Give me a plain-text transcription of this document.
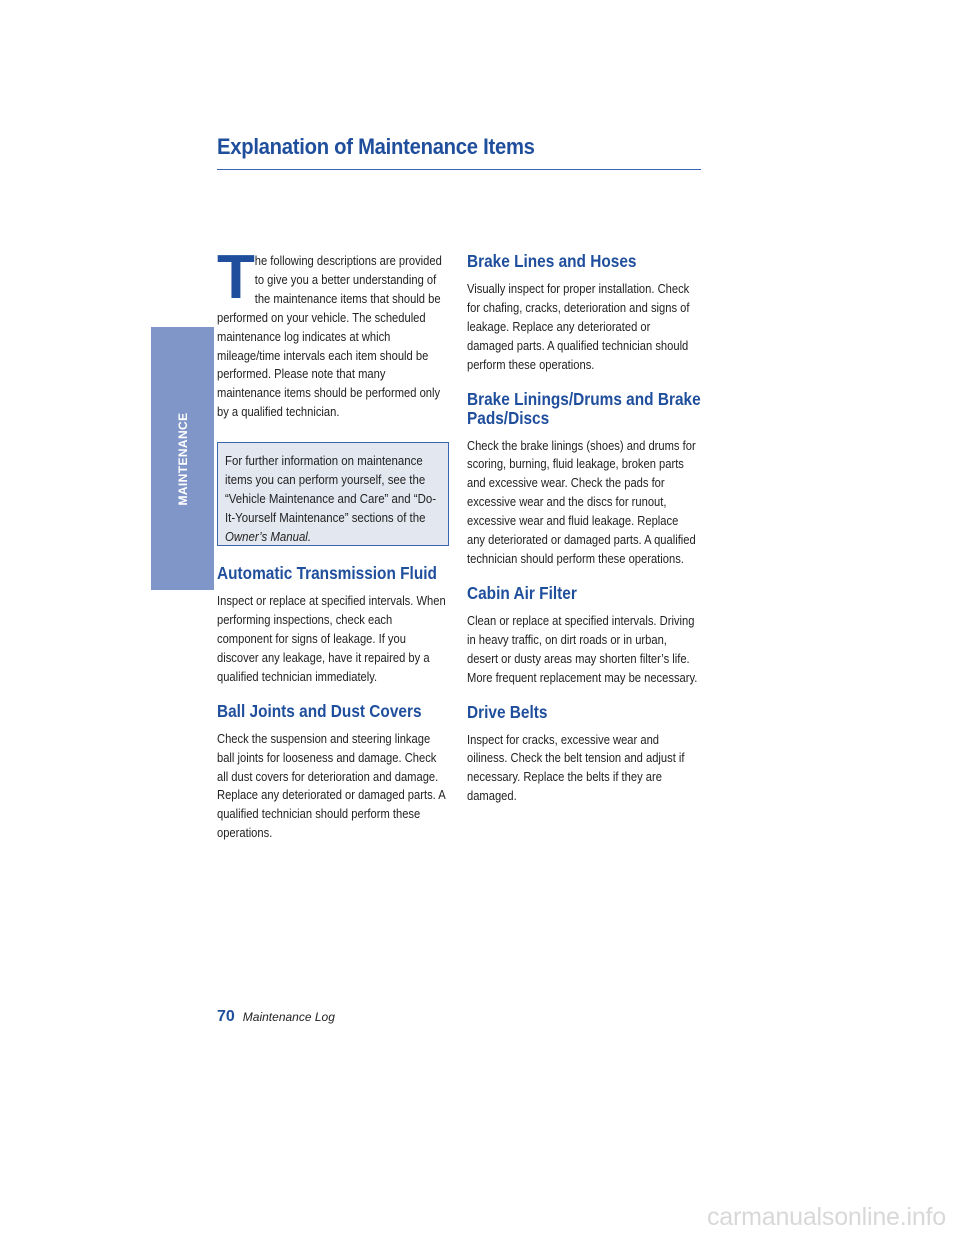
Explanation of Maintenance Items
MAINTENANCE
T he following descriptions are provided to give you a better understanding of the maintenance items that should be performed on your vehicle. The scheduled maintenance log indicates at which mileage/time intervals each item should be performed. Please note that many maintenance items should be performed only by a qualified technician.

For further information on maintenance items you can perform yourself, see the “Vehicle Maintenance and Care” and “Do-It-Yourself Maintenance” sections of the Owner’s Manual.

Automatic Transmission Fluid

Inspect or replace at specified intervals. When performing inspections, check each component for signs of leakage. If you discover any leakage, have it repaired by a qualified technician immediately.

Ball Joints and Dust Covers

Check the suspension and steering linkage ball joints for looseness and damage. Check all dust covers for deterioration and damage. Replace any deteriorated or damaged parts. A qualified technician should perform these operations.

Brake Lines and Hoses

Visually inspect for proper installation. Check for chafing, cracks, deterioration and signs of leakage. Replace any deteriorated or damaged parts. A qualified technician should perform these operations.

Brake Linings/Drums and Brake Pads/Discs

Check the brake linings (shoes) and drums for scoring, burning, fluid leakage, broken parts and excessive wear. Check the pads for excessive wear and the discs for runout, excessive wear and fluid leakage. Replace any deteriorated or damaged parts. A qualified technician should perform these operations.

Cabin Air Filter

Clean or replace at specified intervals. Driving in heavy traffic, on dirt roads or in urban, desert or dusty areas may shorten filter’s life. More frequent replacement may be necessary.

Drive Belts

Inspect for cracks, excessive wear and oiliness. Check the belt tension and adjust if necessary. Replace the belts if they are damaged.

70 Maintenance Log
carmanualsonline.info
